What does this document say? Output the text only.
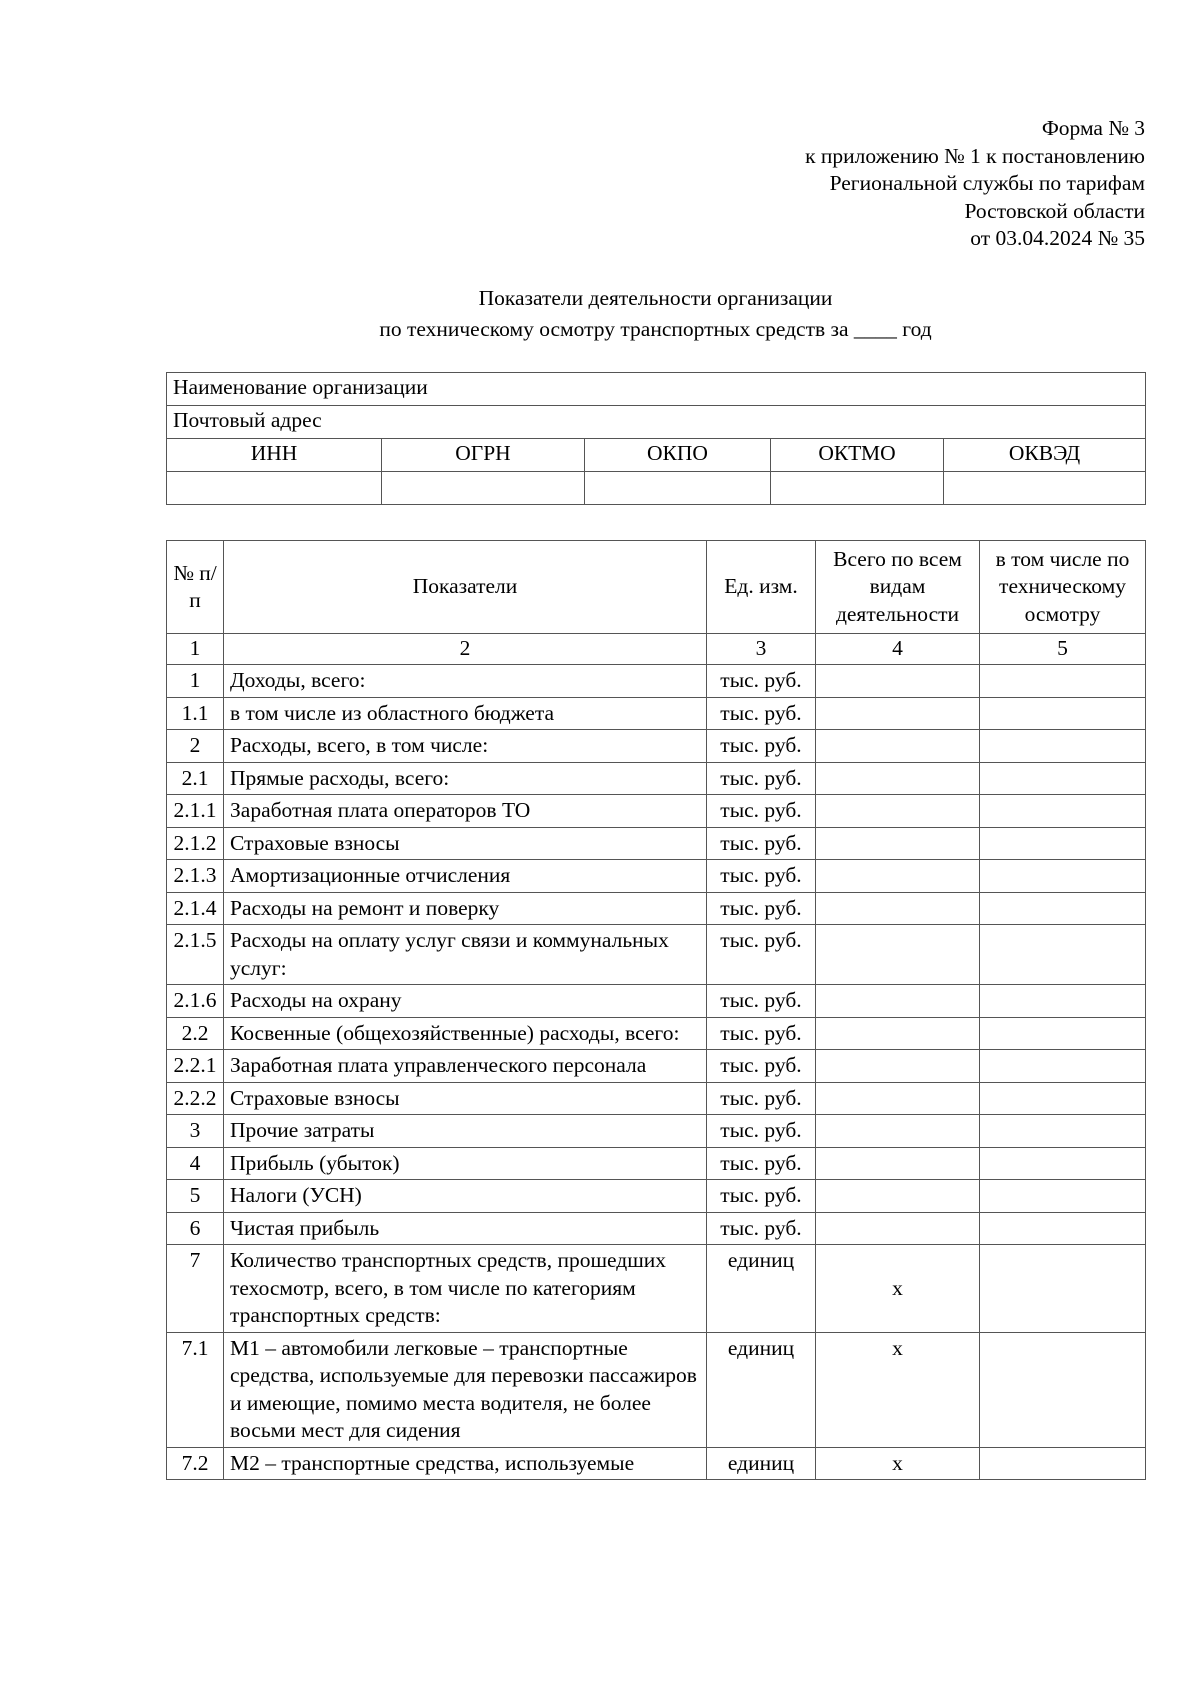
Форма № 3
к приложению № 1 к постановлению
Региональной службы по тарифам
Ростовской области
от 03.04.2024 № 35
Показатели деятельности организации
по техническому осмотру транспортных средств за ____ год
Наименование организации				
Почтовый адрес				
ИНН	ОГРН	ОКПО	ОКТМО	ОКВЭД

№ п/п	Показатели	Ед. изм.	Всего по всем видам деятельности	в том числе по техническому осмотру
1	2	3	4	5
1	Доходы, всего:	тыс. руб.		
1.1	в том числе из областного бюджета	тыс. руб.		
2	Расходы, всего, в том числе:	тыс. руб.		
2.1	Прямые расходы, всего:	тыс. руб.		
2.1.1	Заработная плата операторов ТО	тыс. руб.		
2.1.2	Страховые взносы	тыс. руб.		
2.1.3	Амортизационные отчисления	тыс. руб.		
2.1.4	Расходы на ремонт и поверку	тыс. руб.		
2.1.5	Расходы на оплату услуг связи и коммунальных услуг:	тыс. руб.		
2.1.6	Расходы на охрану	тыс. руб.		
2.2	Косвенные (общехозяйственные) расходы, всего:	тыс. руб.		
2.2.1	Заработная плата управленческого персонала	тыс. руб.		
2.2.2	Страховые взносы	тыс. руб.		
3	Прочие затраты	тыс. руб.		
4	Прибыль (убыток)	тыс. руб.		
5	Налоги (УСН)	тыс. руб.		
6	Чистая прибыль	тыс. руб.		
7	Количество транспортных средств, прошедших техосмотр, всего, в том числе по категориям транспортных средств:	единиц	х	
7.1	М1 – автомобили легковые – транспортные средства, используемые для перевозки пассажиров и имеющие, помимо места водителя, не более восьми мест для сидения	единиц	х	
7.2	М2 – транспортные средства, используемые	единиц	х	
